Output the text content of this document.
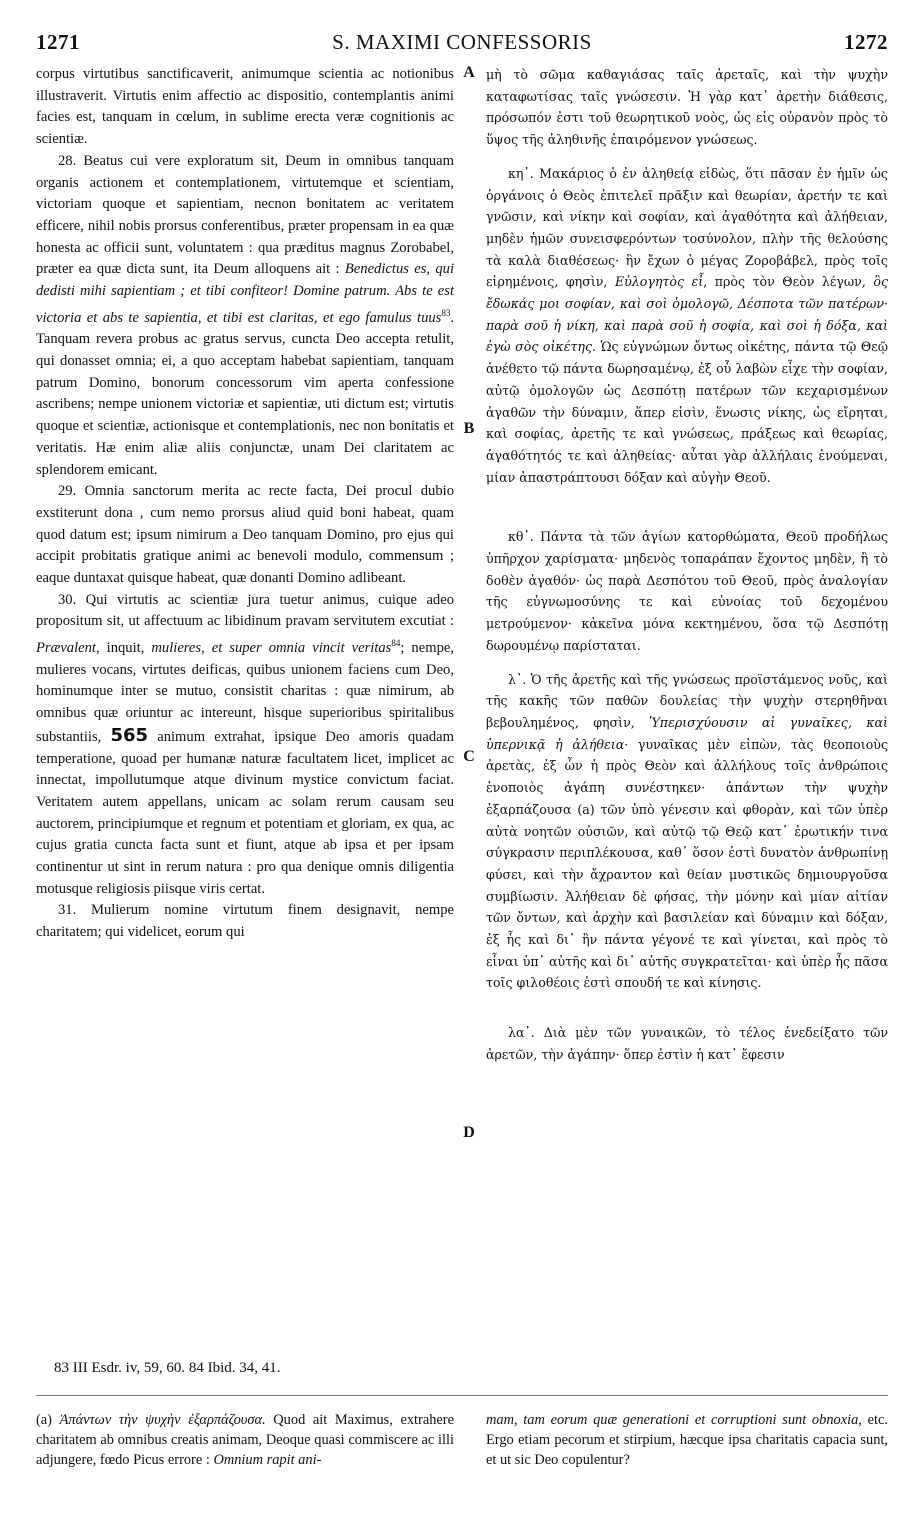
1271	S. MAXIMI CONFESSORIS	1272

corpus virtutibus sanctificaverit, animumque scientia ac notionibus illustraverit. Virtutis enim affectio ac dispositio, contemplantis animi facies est, tanquam in cœlum, in sublime erecta veræ cognitionis ac scientiæ.

28. Beatus cui vere exploratum sit, Deum in omnibus tanquam organis actionem et contemplationem, virtutemque et scientiam, victoriam quoque et sapientiam, necnon bonitatem ac veritatem efficere, nihil nobis prorsus conferentibus, præter propensam in ea quæ honesta ac officii sunt, voluntatem : qua præditus magnus Zorobabel, præter ea quæ dicta sunt, ita Deum alloquens ait : Benedictus es, qui dedisti mihi sapientiam ; et tibi confiteor! Domine patrum. Abs te est victoria et abs te sapientia, et tibi est claritas, et ego famulus tuus$^{83}$. Tanquam revera probus ac gratus servus, cuncta Deo accepta retulit, qui donasset omnia; ei, a quo acceptam habebat sapientiam, tanquam patrum Domino, bonorum concessorum vim aperta confessione ascribens; nempe unionem victoriæ et sapientiæ, uti dictum est; virtutis quoque et scientiæ, actionisque et contemplationis, nec non bonitatis et veritatis. Hæ enim aliæ aliis conjunctæ, unam Dei claritatem ac splendorem emicant.

29. Omnia sanctorum merita ac recte facta, Dei procul dubio exstiterunt dona , cum nemo prorsus aliud quid boni habeat, quam quod datum est; ipsum nimirum a Deo tanquam Domino, pro ejus qui accipit probitatis gratique animi ac benevoli modulo, commensum ; eaque duntaxat quisque habeat, quæ donanti Domino adlibeant.

30. Qui virtutis ac scientiæ jura tuetur animus, cuique adeo propositum sit, ut affectuum ac libidinum pravam servitutem excutiat : Prævalent, inquit, mulieres, et super omnia vincit veritas$^{84}$; nempe, mulieres vocans, virtutes deificas, quibus unionem faciens cum Deo, hominumque inter se mutuo, consistit charitas : quæ nimirum, ab omnibus quæ oriuntur ac intereunt, hisque superioribus spiritalibus substantiis, 565 animum extrahat, ipsique Deo amoris quadam temperatione, quoad per humanæ naturæ facultatem licet, implicet ac innectat, impollutumque atque divinum mystice convictum faciat. Veritatem autem appellans, unicam ac solam rerum causam seu auctorem, principiumque et regnum et potentiam et gloriam, ex qua, ac cujus gratia cuncta facta sunt et fiunt, atque ab ipsa et per ipsam continentur ut sint in rerum natura : pro qua denique omnis diligentia motusque religiosis piisque viris certat.

31. Mulierum nomine virtutum finem designavit, nempe charitatem; qui videlicet, eorum qui

A
B
C
D

μὴ τὸ σῶμα καθαγιάσας ταῖς ἀρεταῖς, καὶ τὴν ψυχὴν καταφωτίσας ταῖς γνώσεσιν. Ἡ γὰρ κατ᾽ ἀρετὴν διάθεσις, πρόσωπόν ἐστι τοῦ θεωρητικοῦ νοὸς, ὡς εἰς οὐρανὸν πρὸς τὸ ὕψος τῆς ἀληθινῆς ἐπαιρόμενον γνώσεως.

κη᾽. Μακάριος ὁ ἐν ἀληθείᾳ εἰδὼς, ὅτι πᾶσαν ἐν ἡμῖν ὡς ὀργάνοις ὁ Θεὸς ἐπιτελεῖ πρᾶξιν καὶ θεωρίαν, ἀρετήν τε καὶ γνῶσιν, καὶ νίκην καὶ σοφίαν, καὶ ἀγαθότητα καὶ ἀλήθειαν, μηδὲν ἡμῶν συνεισφερόντων τοσύνολον, πλὴν τῆς θελούσης τὰ καλὰ διαθέσεως· ἣν ἔχων ὁ μέγας Ζοροβάβελ, πρὸς τοῖς εἰρημένοις, φησὶν, Εὐλογητὸς εἶ, πρὸς τὸν Θεὸν λέγων, ὃς ἔδωκάς μοι σοφίαν, καὶ σοὶ ὁμολογῶ, Δέσποτα τῶν πατέρων· παρὰ σοῦ ἡ νίκη, καὶ παρὰ σοῦ ἡ σοφία, καὶ σοὶ ἡ δόξα, καὶ ἐγὼ σὸς οἰκέτης. Ὡς εὐγνώμων ὄντως οἰκέτης, πάντα τῷ Θεῷ ἀνέθετο τῷ πάντα δωρησαμένῳ, ἐξ οὗ λαβὼν εἶχε τὴν σοφίαν, αὐτῷ ὁμολογῶν ὡς Δεσπότῃ πατέρων τῶν κεχαρισμένων ἀγαθῶν τὴν δύναμιν, ἅπερ εἰσὶν, ἕνωσις νίκης, ὡς εἴρηται, καὶ σοφίας, ἀρετῆς τε καὶ γνώσεως, πράξεως καὶ θεωρίας, ἀγαθότητός τε καὶ ἀληθείας· αὗται γὰρ ἀλλήλαις ἑνούμεναι, μίαν ἀπαστράπτουσι δόξαν καὶ αὐγὴν Θεοῦ.

κθ᾽. Πάντα τὰ τῶν ἁγίων κατορθώματα, Θεοῦ προδήλως ὑπῆρχον χαρίσματα· μηδενὸς τοπαράπαν ἔχοντος μηδὲν, ἢ τὸ δοθὲν ἀγαθόν· ὡς παρὰ Δεσπότου τοῦ Θεοῦ, πρὸς ἀναλογίαν τῆς εὐγνωμοσύνης τε καὶ εὐνοίας τοῦ δεχομένου μετρούμενον· κἀκεῖνα μόνα κεκτημένου, ὅσα τῷ Δεσπότῃ δωρουμένῳ παρίσταται.

λ᾽. Ὁ τῆς ἀρετῆς καὶ τῆς γνώσεως προϊστάμενος νοῦς, καὶ τῆς κακῆς τῶν παθῶν δουλείας τὴν ψυχὴν στερηθῆναι βεβουλημένος, φησὶν, Ὑπερισχύουσιν αἱ γυναῖκες, καὶ ὑπερνικᾷ ἡ ἀλήθεια· γυναῖκας μὲν εἰπὼν, τὰς θεοποιοὺς ἀρετὰς, ἐξ ὧν ἡ πρὸς Θεὸν καὶ ἀλλήλους τοῖς ἀνθρώποις ἑνοποιὸς ἀγάπη συνέστηκεν· ἁπάντων τὴν ψυχὴν ἐξαρπάζουσα (a) τῶν ὑπὸ γένεσιν καὶ φθορὰν, καὶ τῶν ὑπὲρ αὐτὰ νοητῶν οὐσιῶν, καὶ αὐτῷ τῷ Θεῷ κατ᾽ ἐρωτικήν τινα σύγκρασιν περιπλέκουσα, καθ᾽ ὅσον ἐστὶ δυνατὸν ἀνθρωπίνῃ φύσει, καὶ τὴν ἄχραντον καὶ θείαν μυστικῶς δημιουργοῦσα συμβίωσιν. Ἀλήθειαν δὲ φήσας, τὴν μόνην καὶ μίαν αἰτίαν τῶν ὄντων, καὶ ἀρχὴν καὶ βασιλείαν καὶ δύναμιν καὶ δόξαν, ἐξ ἧς καὶ δι᾽ ἣν πάντα γέγονέ τε καὶ γίνεται, καὶ πρὸς τὸ εἶναι ὑπ᾽ αὐτῆς καὶ δι᾽ αὐτῆς συγκρατεῖται· καὶ ὑπὲρ ἧς πᾶσα τοῖς φιλοθέοις ἐστὶ σπουδή τε καὶ κίνησις.

λα᾽. Διὰ μὲν τῶν γυναικῶν, τὸ τέλος ἐνεδείξατο τῶν ἀρετῶν, τὴν ἀγάπην· ὅπερ ἐστὶν ἡ κατ᾽ ἔφεσιν

83 III Esdr. iv, 59, 60. 84 Ibid. 34, 41.

(a) Ἁπάντων τὴν ψυχὴν ἐξαρπάζουσα. Quod ait Maximus, extrahere charitatem ab omnibus creatis animam, Deoque quasi commiscere ac illi adjungere, fœdo Picus errore : Omnium rapit ani-

mam, tam eorum quæ generationi et corruptioni sunt obnoxia, etc. Ergo etiam pecorum et stirpium, hæcque ipsa charitatis capacia sunt, et ut sic Deo copulentur?
